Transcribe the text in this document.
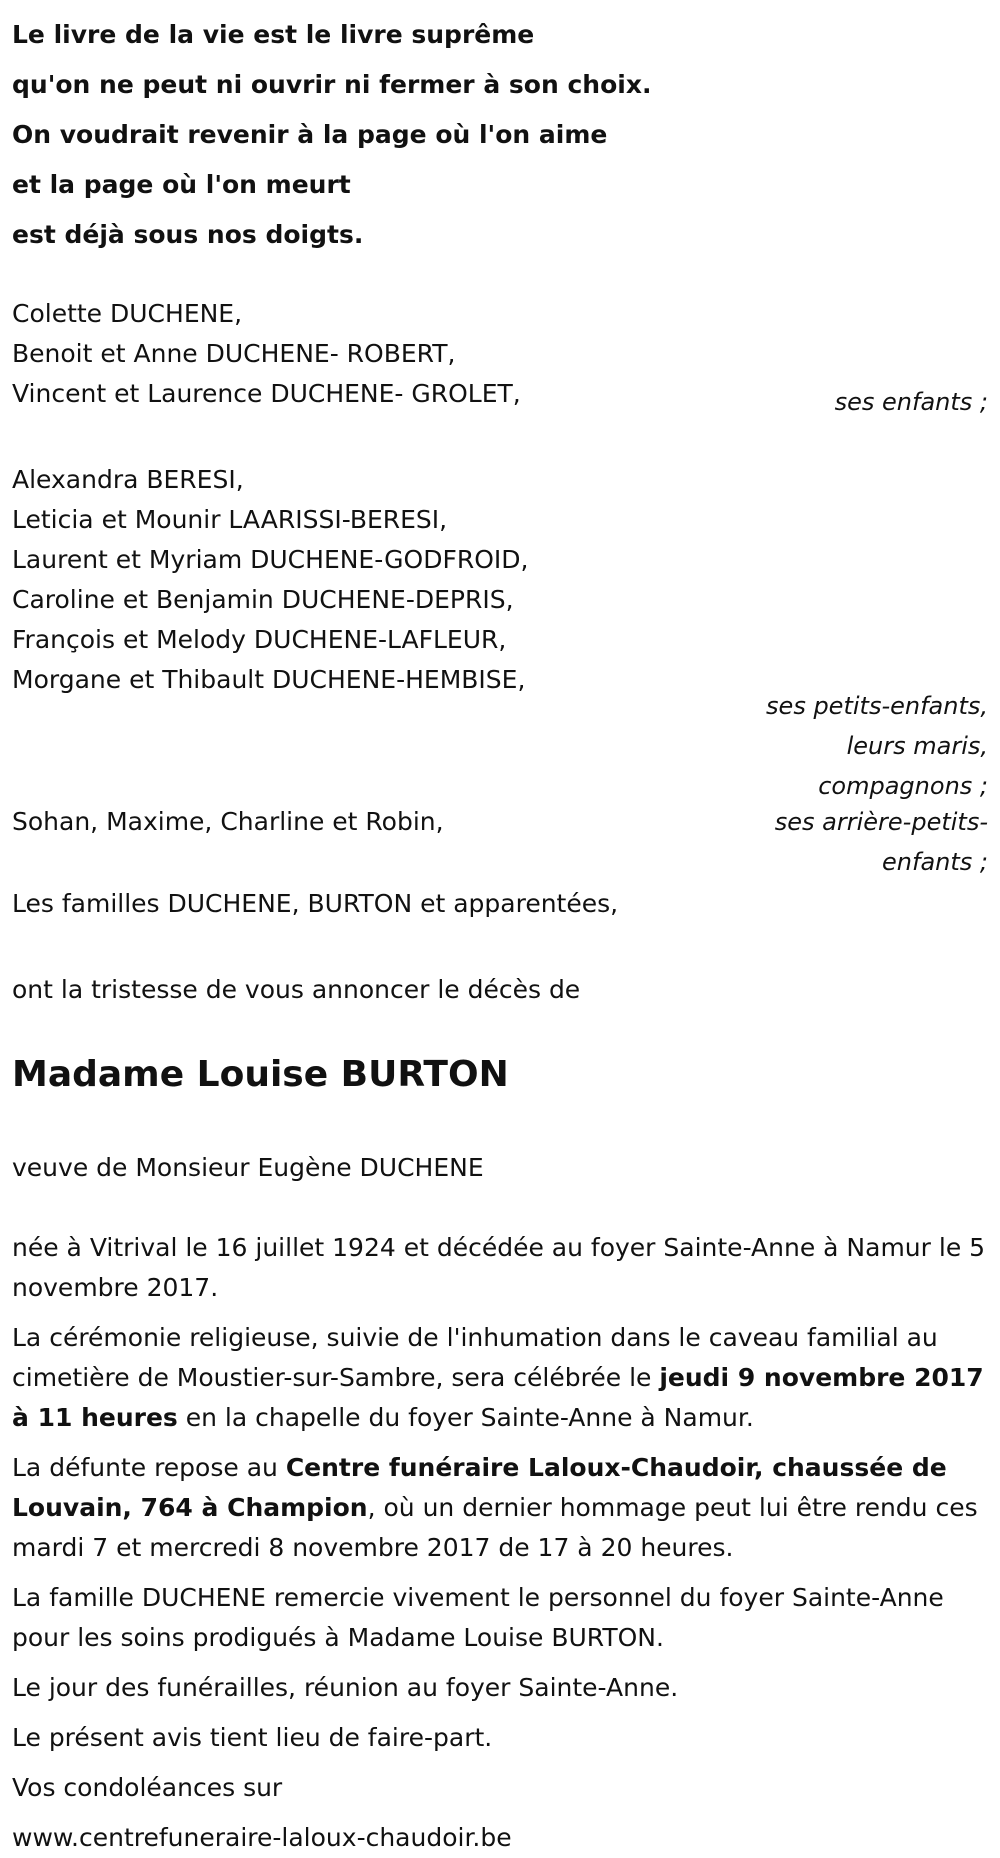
Le livre de la vie est le livre suprême
qu'on ne peut ni ouvrir ni fermer à son choix.
On voudrait revenir à la page où l'on aime
et la page où l'on meurt
est déjà sous nos doigts.
Colette DUCHENE,
Benoit et Anne DUCHENE- ROBERT,
Vincent et Laurence DUCHENE- GROLET,	ses enfants ;
Alexandra BERESI,
Leticia et Mounir LAARISSI-BERESI,
Laurent et Myriam DUCHENE-GODFROID,
Caroline et Benjamin DUCHENE-DEPRIS,
François et Melody DUCHENE-LAFLEUR,
Morgane et Thibault DUCHENE-HEMBISE,
ses petits-enfants,
leurs maris,
compagnons ;
Sohan, Maxime, Charline et Robin,	ses arrière-petits-
enfants ;

Les familles DUCHENE, BURTON et apparentées,

ont la tristesse de vous annoncer le décès de

Madame Louise BURTON

veuve de Monsieur Eugène DUCHENE

née à Vitrival le 16 juillet 1924 et décédée au foyer Sainte-Anne à Namur le 5 novembre 2017.

La cérémonie religieuse, suivie de l'inhumation dans le caveau familial au cimetière de Moustier-sur-Sambre, sera célébrée le jeudi 9 novembre 2017 à 11 heures en la chapelle du foyer Sainte-Anne à Namur.

La défunte repose au Centre funéraire Laloux-Chaudoir, chaussée de Louvain, 764 à Champion, où un dernier hommage peut lui être rendu ces mardi 7 et mercredi 8 novembre 2017 de 17 à 20 heures.

La famille DUCHENE remercie vivement le personnel du foyer Sainte-Anne pour les soins prodigués à Madame Louise BURTON.

Le jour des funérailles, réunion au foyer Sainte-Anne.

Le présent avis tient lieu de faire-part.

Vos condoléances sur

www.centrefuneraire-laloux-chaudoir.be
